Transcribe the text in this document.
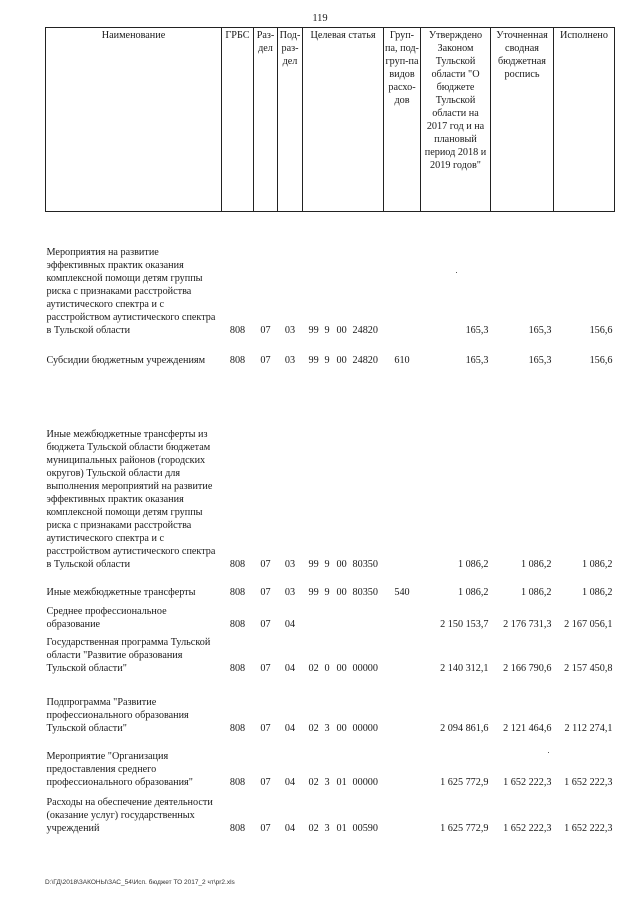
119
Наименование	ГРБС	Раз-дел	Под-раз-дел	Целевая статья	Груп-па, под-груп-па видов расхо-дов	Утверждено Законом Тульской области "О бюджете Тульской области на 2017 год и на плановый период 2018 и 2019 годов"	Уточненная сводная бюджетная роспись	Исполнено
Мероприятия на развитие эффективных практик оказания комплексной помощи детям группы риска с признаками расстройства аутистического спектра и с расстройством аутистического спектра в Тульской области	808	07	03	99 9 00 24820		165,3	165,3	156,6
Субсидии бюджетным учреждениям	808	07	03	99 9 00 24820	610	165,3	165,3	156,6
Иные межбюджетные трансферты из бюджета Тульской области бюджетам муниципальных районов (городских округов) Тульской области для выполнения мероприятий на развитие эффективных практик оказания комплексной помощи детям группы риска с признаками расстройства аутистического спектра и с расстройством аутистического спектра в Тульской области	808	07	03	99 9 00 80350		1 086,2	1 086,2	1 086,2
Иные межбюджетные трансферты	808	07	03	99 9 00 80350	540	1 086,2	1 086,2	1 086,2
Среднее профессиональное образование	808	07	04			2 150 153,7	2 176 731,3	2 167 056,1
Государственная программа Тульской области "Развитие образования Тульской области"	808	07	04	02 0 00 00000		2 140 312,1	2 166 790,6	2 157 450,8
Подпрограмма "Развитие профессионального образования Тульской области"	808	07	04	02 3 00 00000		2 094 861,6	2 121 464,6	2 112 274,1
Мероприятие "Организация предоставления среднего профессионального образования"	808	07	04	02 3 01 00000		1 625 772,9	1 652 222,3	1 652 222,3
Расходы на обеспечение деятельности (оказание услуг) государственных учреждений	808	07	04	02 3 01 00590		1 625 772,9	1 652 222,3	1 652 222,3
D:\ГД\2018\ЗАКОНЫ\ЗАС_54\Исп. бюджет ТО 2017_2 чт\pr2.xls
